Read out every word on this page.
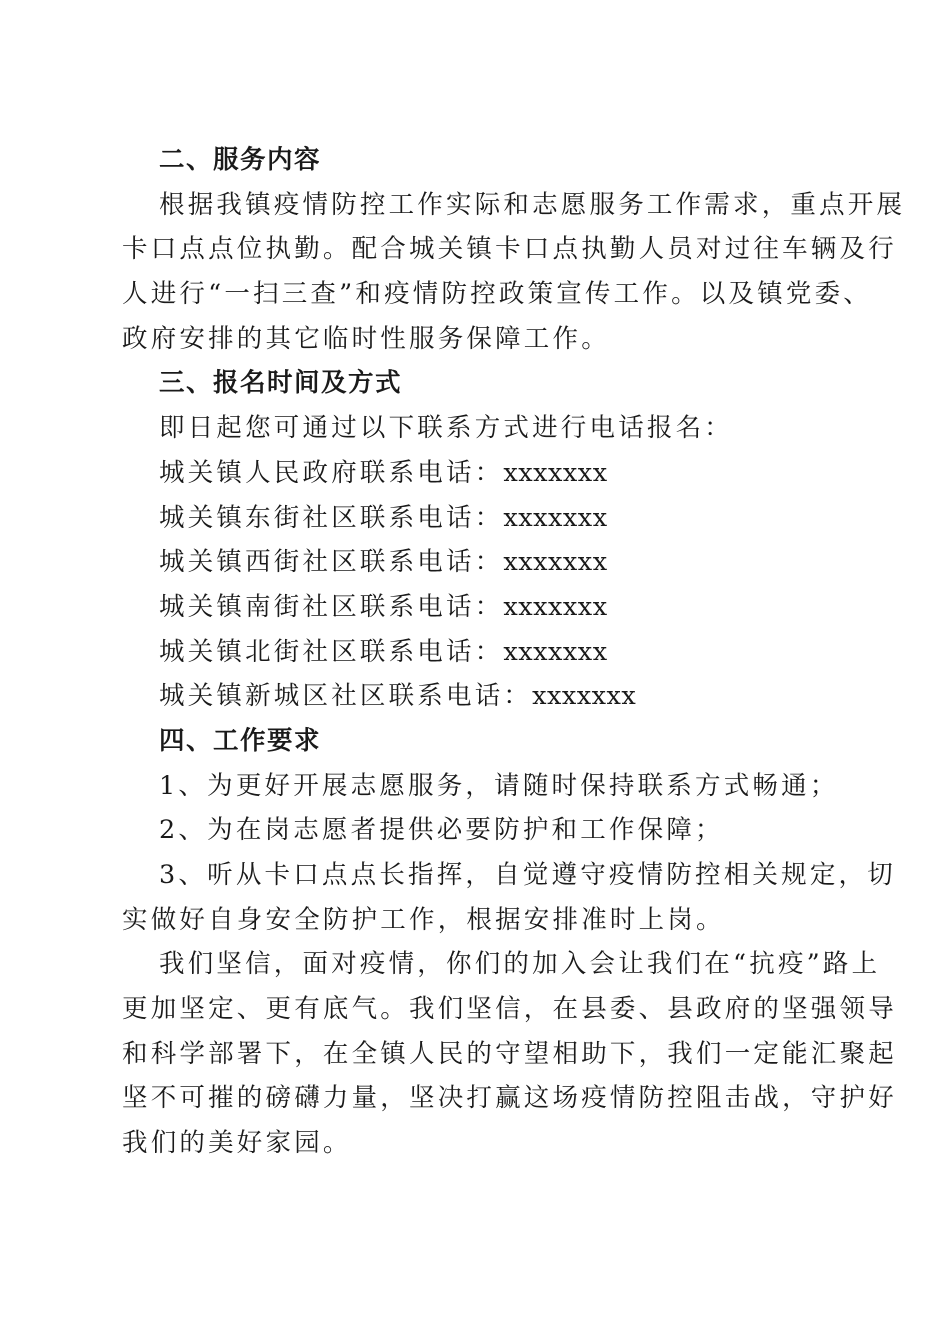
二、服务内容
根据我镇疫情防控工作实际和志愿服务工作需求，重点开展
卡口点点位执勤。配合城关镇卡口点执勤人员对过往车辆及行
人进行“一扫三查”和疫情防控政策宣传工作。以及镇党委、
政府安排的其它临时性服务保障工作。
三、报名时间及方式
即日起您可通过以下联系方式进行电话报名：
城关镇人民政府联系电话：xxxxxxx
城关镇东街社区联系电话：xxxxxxx
城关镇西街社区联系电话：xxxxxxx
城关镇南街社区联系电话：xxxxxxx
城关镇北街社区联系电话：xxxxxxx
城关镇新城区社区联系电话：xxxxxxx
四、工作要求
1、为更好开展志愿服务，请随时保持联系方式畅通；
2、为在岗志愿者提供必要防护和工作保障；
3、听从卡口点点长指挥，自觉遵守疫情防控相关规定，切
实做好自身安全防护工作，根据安排准时上岗。
我们坚信，面对疫情，你们的加入会让我们在“抗疫”路上
更加坚定、更有底气。我们坚信，在县委、县政府的坚强领导
和科学部署下，在全镇人民的守望相助下，我们一定能汇聚起
坚不可摧的磅礴力量，坚决打赢这场疫情防控阻击战，守护好
我们的美好家园。
